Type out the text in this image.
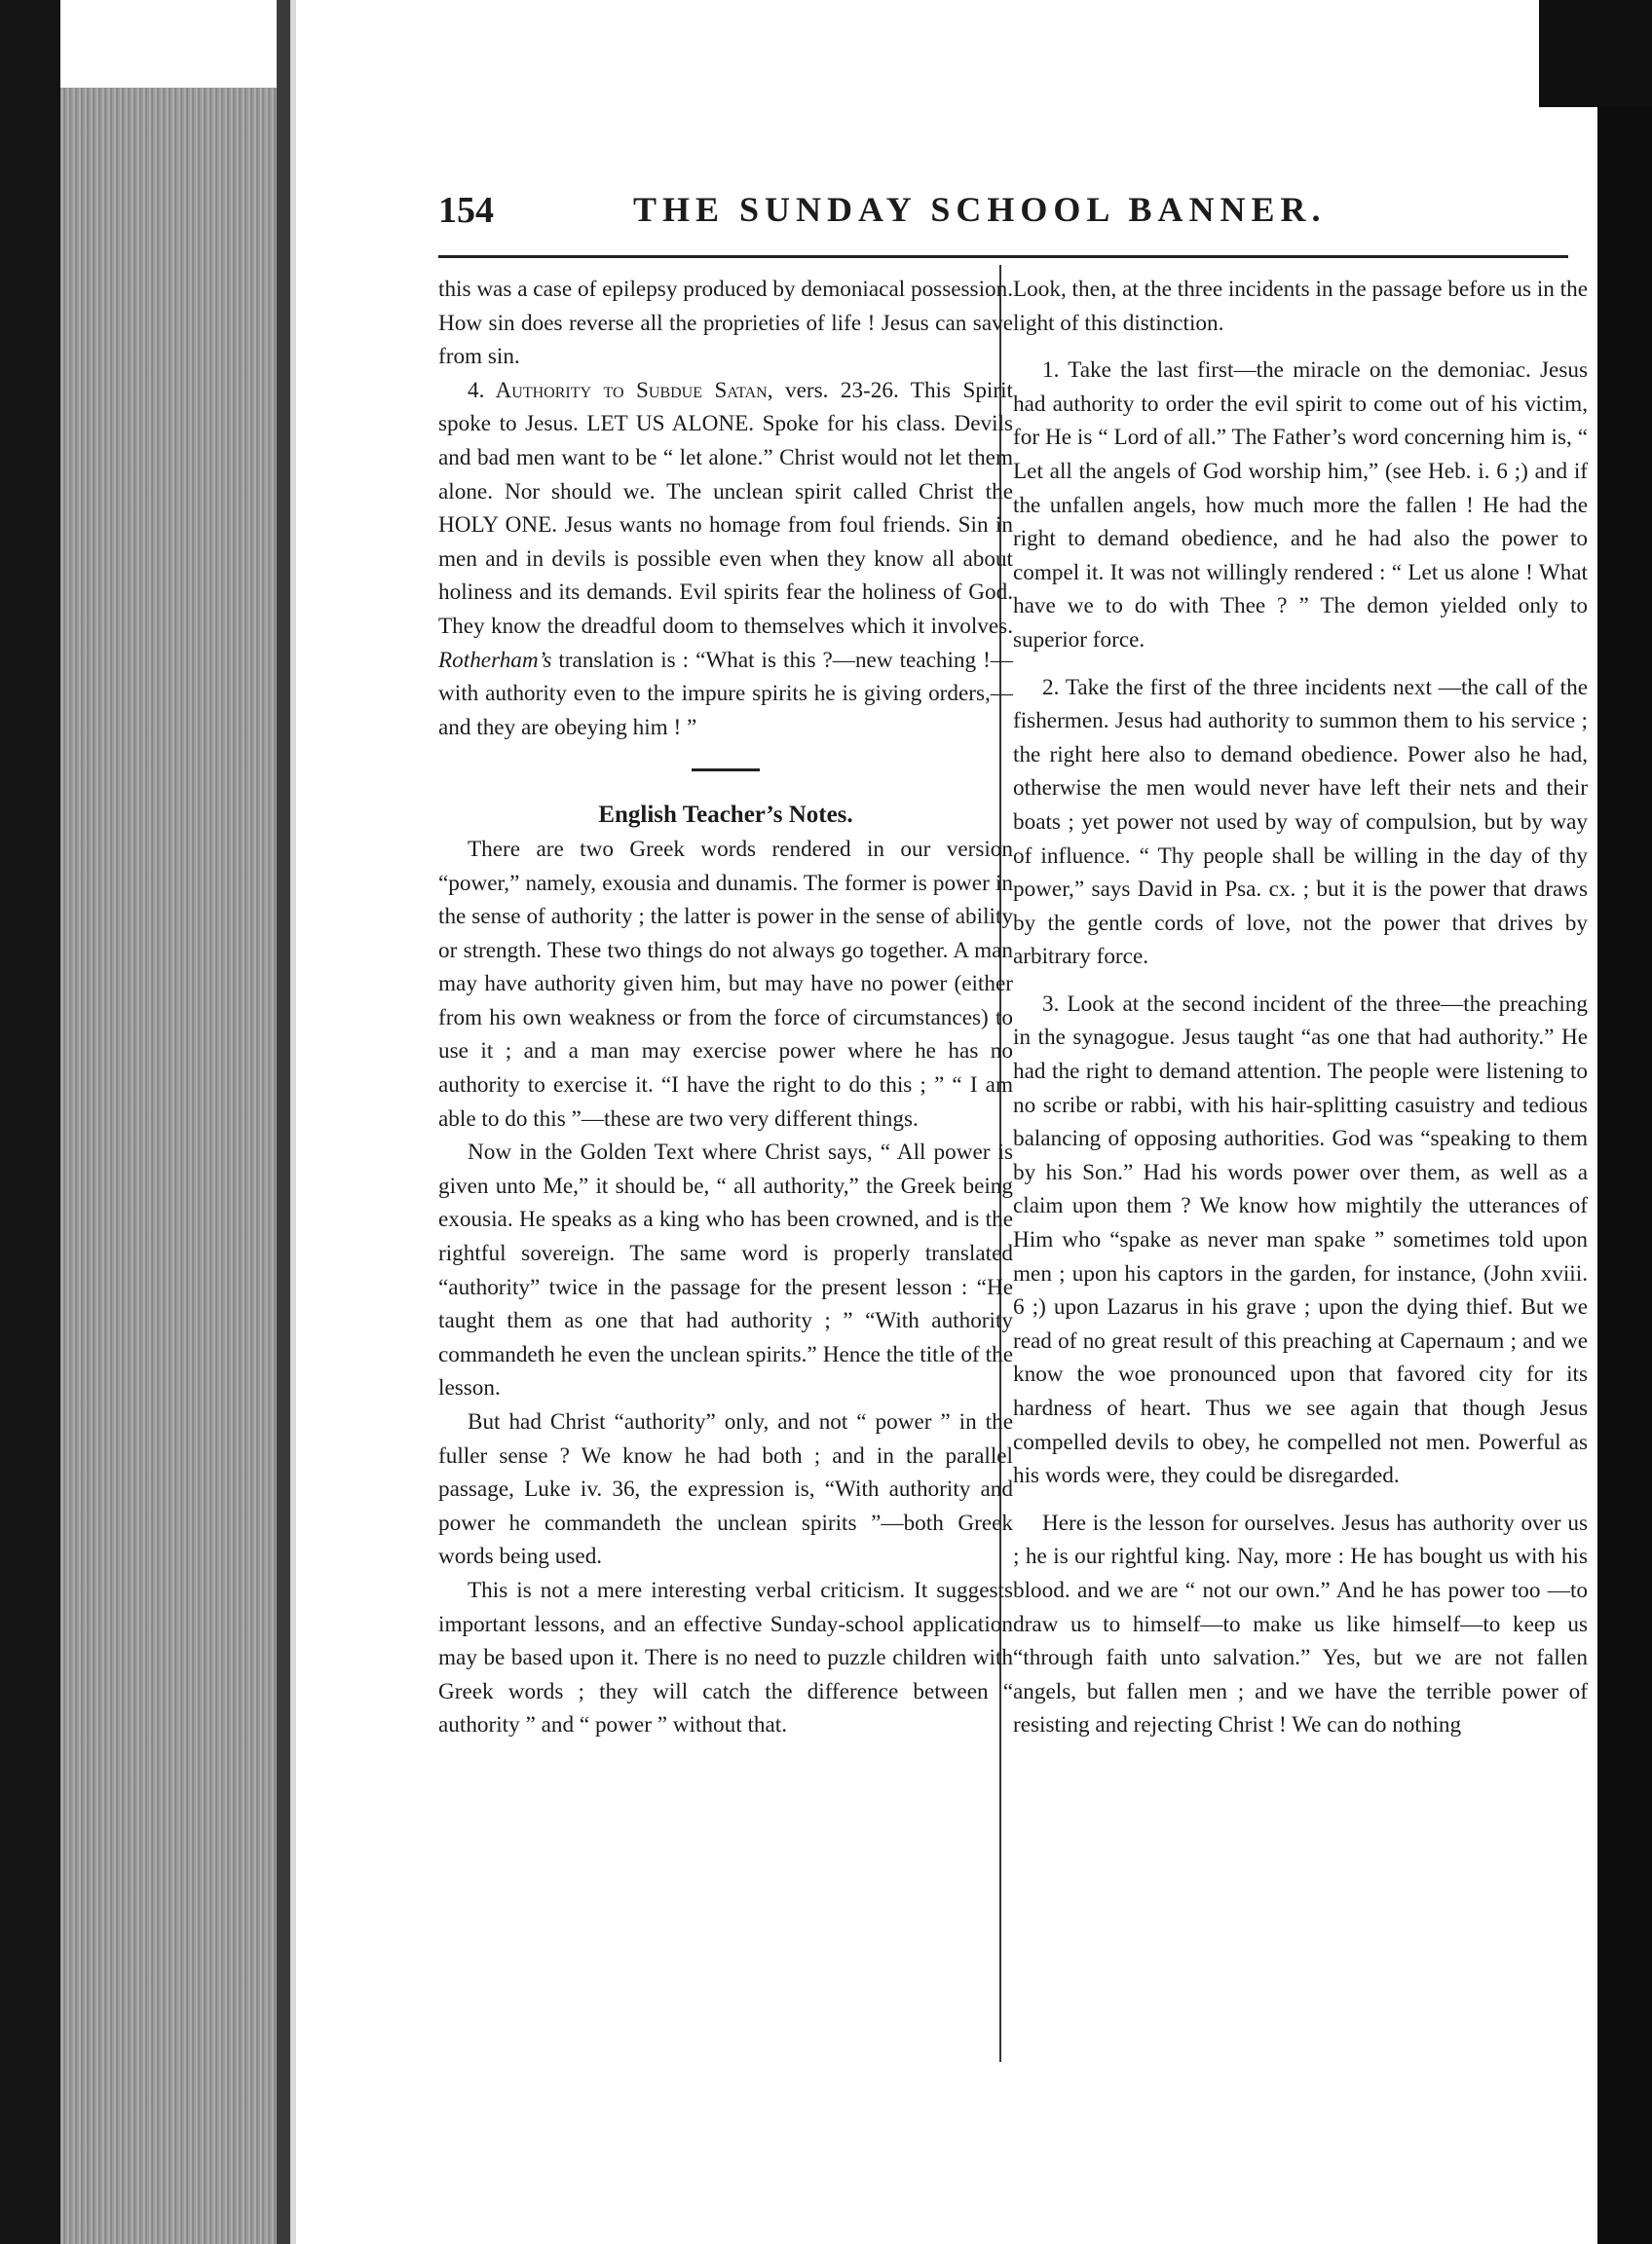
154	THE SUNDAY SCHOOL BANNER.

this was a case of epilepsy produced by demoniacal possession. How sin does reverse all the proprieties of life ! Jesus can save from sin.

4. Authority to Subdue Satan, vers. 23-26. This Spirit spoke to Jesus. LET US ALONE. Spoke for his class. Devils and bad men want to be “ let alone.” Christ would not let them alone. Nor should we. The unclean spirit called Christ the HOLY ONE. Jesus wants no homage from foul friends. Sin in men and in devils is possible even when they know all about holiness and its demands. Evil spirits fear the holiness of God. They know the dreadful doom to themselves which it involves. Rotherham’s translation is : “What is this ?—new teaching !—with authority even to the impure spirits he is giving orders,—and they are obeying him ! ”

English Teacher’s Notes.

There are two Greek words rendered in our version “power,” namely, exousia and dunamis. The former is power in the sense of authority ; the latter is power in the sense of ability or strength. These two things do not always go together. A man may have authority given him, but may have no power (either from his own weakness or from the force of circumstances) to use it ; and a man may exercise power where he has no authority to exercise it. “I have the right to do this ; ” “ I am able to do this ”—these are two very different things.

Now in the Golden Text where Christ says, “ All power is given unto Me,” it should be, “ all authority,” the Greek being exousia. He speaks as a king who has been crowned, and is the rightful sovereign. The same word is properly translated “authority” twice in the passage for the present lesson : “He taught them as one that had authority ; ” “With authority commandeth he even the unclean spirits.” Hence the title of the lesson.

But had Christ “authority” only, and not “ power ” in the fuller sense ? We know he had both ; and in the parallel passage, Luke iv. 36, the expression is, “With authority and power he commandeth the unclean spirits ”—both Greek words being used.

This is not a mere interesting verbal criticism. It suggests important lessons, and an effective Sunday-school application may be based upon it. There is no need to puzzle children with Greek words ; they will catch the difference between “ authority ” and “ power ” without that.

Look, then, at the three incidents in the passage before us in the light of this distinction.

1. Take the last first—the miracle on the demoniac. Jesus had authority to order the evil spirit to come out of his victim, for He is “ Lord of all.” The Father’s word concerning him is, “ Let all the angels of God worship him,” (see Heb. i. 6 ;) and if the unfallen angels, how much more the fallen ! He had the right to demand obedience, and he had also the power to compel it. It was not willingly rendered : “ Let us alone ! What have we to do with Thee ? ” The demon yielded only to superior force.

2. Take the first of the three incidents next —the call of the fishermen. Jesus had authority to summon them to his service ; the right here also to demand obedience. Power also he had, otherwise the men would never have left their nets and their boats ; yet power not used by way of compulsion, but by way of influence. “ Thy people shall be willing in the day of thy power,” says David in Psa. cx. ; but it is the power that draws by the gentle cords of love, not the power that drives by arbitrary force.

3. Look at the second incident of the three—the preaching in the synagogue. Jesus taught “as one that had authority.” He had the right to demand attention. The people were listening to no scribe or rabbi, with his hair-splitting casuistry and tedious balancing of opposing authorities. God was “speaking to them by his Son.” Had his words power over them, as well as a claim upon them ? We know how mightily the utterances of Him who “spake as never man spake ” sometimes told upon men ; upon his captors in the garden, for instance, (John xviii. 6 ;) upon Lazarus in his grave ; upon the dying thief. But we read of no great result of this preaching at Capernaum ; and we know the woe pronounced upon that favored city for its hardness of heart. Thus we see again that though Jesus compelled devils to obey, he compelled not men. Powerful as his words were, they could be disregarded.

Here is the lesson for ourselves. Jesus has authority over us ; he is our rightful king. Nay, more : He has bought us with his blood. and we are “ not our own.” And he has power too —to draw us to himself—to make us like himself—to keep us “through faith unto salvation.” Yes, but we are not fallen angels, but fallen men ; and we have the terrible power of resisting and rejecting Christ ! We can do nothing
